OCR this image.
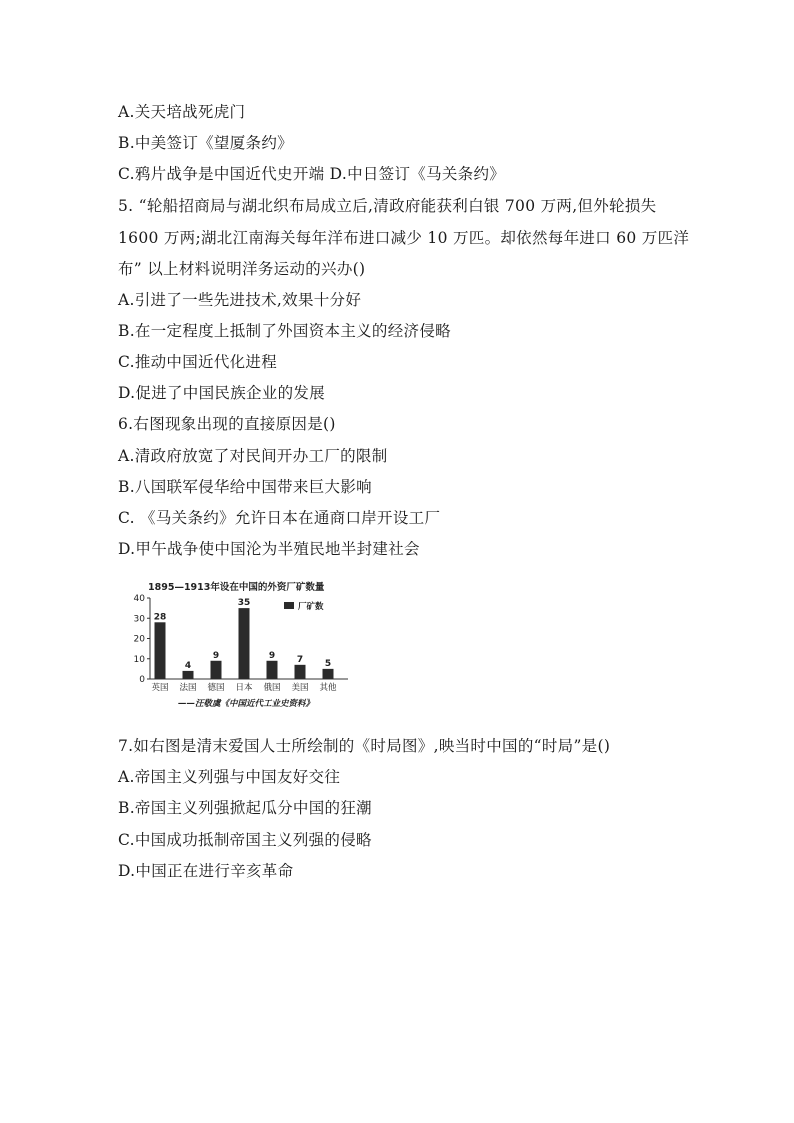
A.关天培战死虎门
B.中美签订《望厦条约》
C.鸦片战争是中国近代史开端 D.中日签订《马关条约》
5. “轮船招商局与湖北织布局成立后,清政府能获利白银 700 万两,但外轮损失
1600 万两;湖北江南海关每年洋布进口减少 10 万匹。却依然每年进口 60 万匹洋
布” 以上材料说明洋务运动的兴办()
A.引进了一些先进技术,效果十分好
B.在一定程度上抵制了外国资本主义的经济侵略
C.推动中国近代化进程
D.促进了中国民族企业的发展
6.右图现象出现的直接原因是()
A.清政府放宽了对民间开办工厂的限制
B.八国联军侵华给中国带来巨大影响
C. 《马关条约》允许日本在通商口岸开设工厂
D.甲午战争使中国沦为半殖民地半封建社会
1895—1913年设在中国的外资厂矿数量
厂矿数
0
10
20
30
40
28
英国
4
法国
9
德国
35
日本
9
俄国
7
美国
5
其他
——汪敬虞《中国近代工业史资料》
7.如右图是清末爱国人士所绘制的《时局图》,映当时中国的“时局”是()
A.帝国主义列强与中国友好交往
B.帝国主义列强掀起瓜分中国的狂潮
C.中国成功抵制帝国主义列强的侵略
D.中国正在进行辛亥革命
